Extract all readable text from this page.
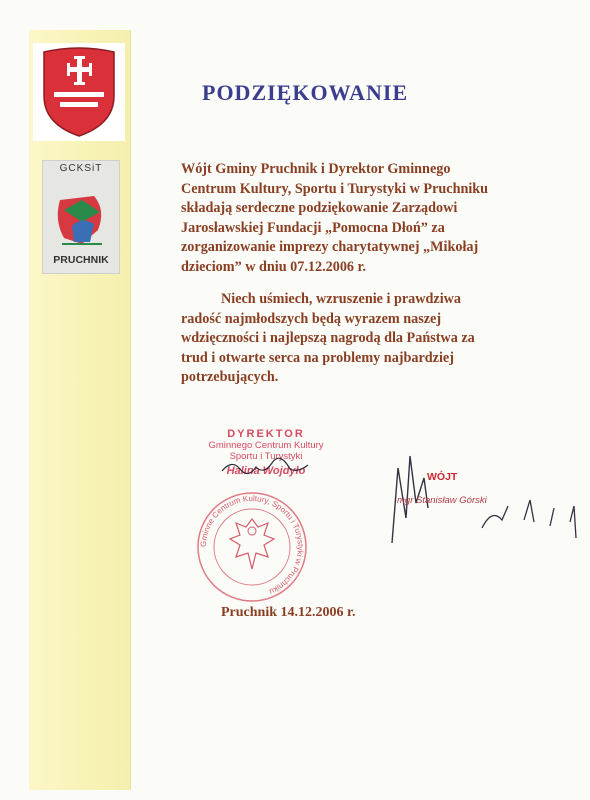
GCKSiT
PRUCHNIK
PODZIĘKOWANIE
Wójt Gminy Pruchnik i Dyrektor Gminnego
Centrum Kultury, Sportu i Turystyki w Pruchniku
składają serdeczne podziękowanie Zarządowi
Jarosławskiej Fundacji „Pomocna Dłoń” za
zorganizowanie imprezy charytatywnej „Mikołaj
dzieciom” w dniu 07.12.2006 r.
Niech uśmiech, wzruszenie i prawdziwa
radość najmłodszych będą wyrazem naszej
wdzięczności i najlepszą nagrodą dla Państwa za
trud i otwarte serca na problemy najbardziej
potrzebujących.
DYREKTOR
Gminnego Centrum Kultury
Sportu i Turystyki
Halina Wojdyło
Gminne Centrum Kultury, Sportu i Turystyki w Pruchniku
WÓJT
mgr Stanisław Górski
Pruchnik 14.12.2006 r.
